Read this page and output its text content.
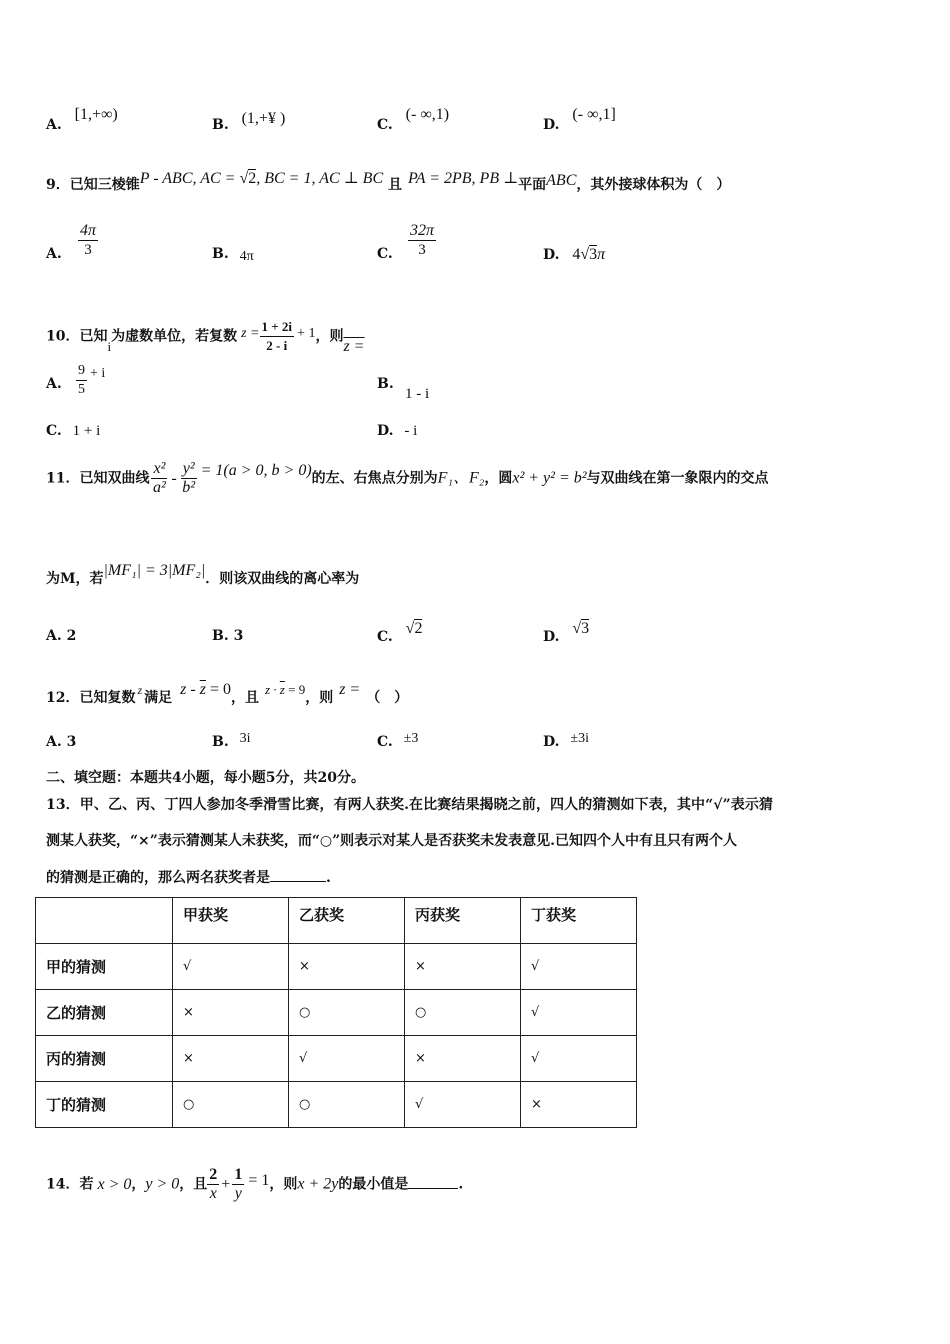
A. [1,+∞)
B. (1,+¥ )	C. (- ∞,1)
D. (- ∞,1]
9．已知三棱锥P - ABC, AC = √2, BC = 1, AC ⊥ BC 且 PA = 2PB, PB ⊥平面ABC，其外接球体积为（　）
A. $\frac{4\pi}{3}$	B. 4π	C. $\frac{32\pi}{3}$	D. 4√3π
10．已知i为虚数单位，若复数 $z = \frac{1 + 2i}{2 - i} + 1$，则z =
A. $\frac{9}{5} + i$
B.
1 - i
C. 1 + i	D. - i
11．已知双曲线 $\frac{\text{x²}}{\text{a²}} - \frac{\text{y²}}{\text{b²}} = 1(a > 0$, b > 0)的左、右焦点分别为F₁、F₂，圆x² + y² = b²与双曲线在第一象限内的交点
为M，若|MF₁| = 3|MF₂|．则该双曲线的离心率为
A. 2	B. 3	C. √2	D. √3
12．已知复数 z 满足 $z - \overline{z} = 0$，且$z \cdot \overline{z} = 9$，则 z = （　）
A. 3	B. 3i	C. ±3	D. ±3i
二、填空题：本题共4小题，每小题5分，共20分。
13．甲、乙、丙、丁四人参加冬季滑雪比赛，有两人获奖.在比赛结果揭晓之前，四人的猜测如下表，其中“√”表示猜
测某人获奖，“×”表示猜测某人未获奖，而“○”则表示对某人是否获奖未发表意见.已知四个人中有且只有两个人
的猜测是正确的，那么两名获奖者是	.
	甲获奖	乙获奖	丙获奖	丁获奖
甲的猜测	√	×	×	√
乙的猜测	×	○	○	√
丙的猜测	×	√	×	√
丁的猜测	○	○	√	×
14．若 x > 0，y > 0，且 $\frac{2}{x} + \frac{1}{y} = 1$，则x + 2y的最小值是	.
